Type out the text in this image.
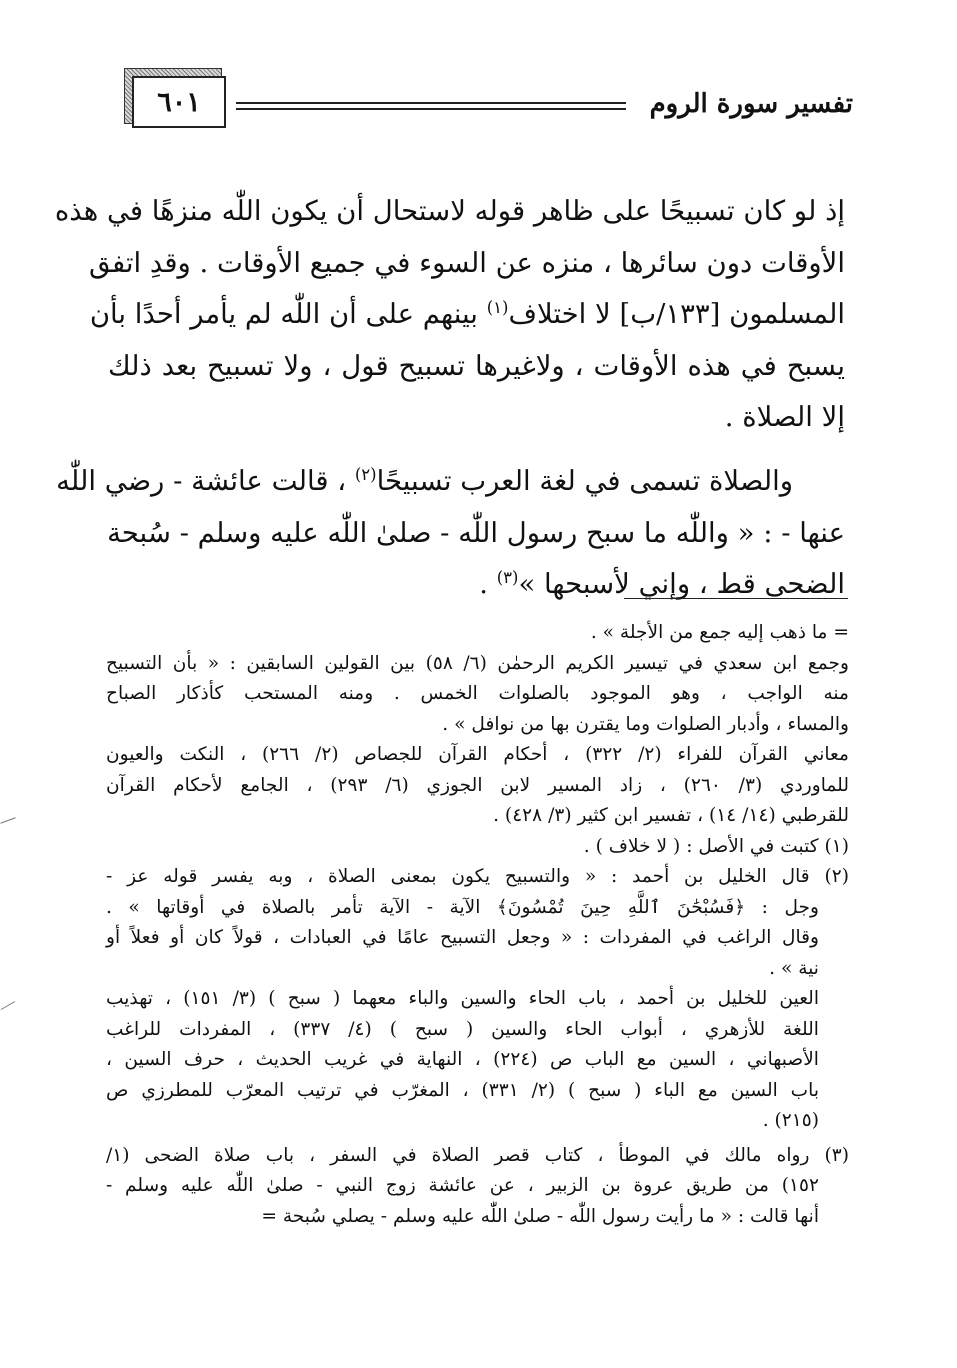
٦٠١	تفسير سورة الروم
إذ لو كان تسبيحًا على ظاهر قوله لاستحال أن يكون اللّٰه منزهًا في هذه
الأوقات دون سائرها ، منزه عن السوء في جميع الأوقات . وقدِ اتفق
المسلمون [١٣٣/ب] لا اختلاف$^{(١)}$ بينهم على أن اللّٰه لم يأمر أحدًا بأن
يسبح في هذه الأوقات ، ولاغيرها تسبيح قول ، ولا تسبيح بعد ذلك
إلا الصلاة .
والصلاة تسمى في لغة العرب تسبيحًا$^{(٢)}$ ، قالت عائشة - رضي اللّٰه
عنها - : « واللّٰه ما سبح رسول اللّٰه - صلىٰ اللّٰه عليه وسلم - سُبحة
الضحى قط ، وإني لأسبحها »$^{(٣)}$ .
= ما ذهب إليه جمع من الأجلة » .
وجمع ابن سعدي في تيسير الكريم الرحمٰن (٦/ ٥٨) بين القولين السابقين : « بأن التسبيح
منه الواجب ، وهو الموجود بالصلوات الخمس . ومنه المستحب كأذكار الصباح
والمساء ، وأدبار الصلوات وما يقترن بها من نوافل » .
معاني القرآن للفراء (٢/ ٣٢٢) ، أحكام القرآن للجصاص (٢/ ٢٦٦) ، النكت والعيون
للماوردي (٣/ ٢٦٠) ، زاد المسير لابن الجوزي (٦/ ٢٩٣) ، الجامع لأحكام القرآن
للقرطبي (١٤/ ١٤) ، تفسير ابن كثير (٣/ ٤٢٨) .
(١) كتبت في الأصل : ( لا خلاف ) .
(٢) قال الخليل بن أحمد : « والتسبيح يكون بمعنى الصلاة ، وبه يفسر قوله عز -
وجل : ﴿فَسُبْحَٰنَ ٱللَّهِ حِينَ تُمْسُونَ﴾ الآية - الآية تأمر بالصلاة في أوقاتها » .
وقال الراغب في المفردات : « وجعل التسبيح عامًا في العبادات ، قولاً كان أو فعلاً أو
نية » .
العين للخليل بن أحمد ، باب الحاء والسين والباء معهما ( سبح ) (٣/ ١٥١) ، تهذيب
اللغة للأزهري ، أبواب الحاء والسين ( سبح ) (٤/ ٣٣٧) ، المفردات للراغب
الأصبهاني ، السين مع الباب ص (٢٢٤) ، النهاية في غريب الحديث ، حرف السين ،
باب السين مع الباء ( سبح ) (٢/ ٣٣١) ، المغرّب في ترتيب المعرّب للمطرزي ص
(٢١٥) .
(٣) رواه مالك في الموطأ ، كتاب قصر الصلاة في السفر ، باب صلاة الضحى (١/
١٥٢) من طريق عروة بن الزبير ، عن عائشة زوج النبي - صلىٰ اللّٰه عليه وسلم -
أنها قالت : « ما رأيت رسول اللّٰه - صلىٰ اللّٰه عليه وسلم - يصلي سُبحة =
